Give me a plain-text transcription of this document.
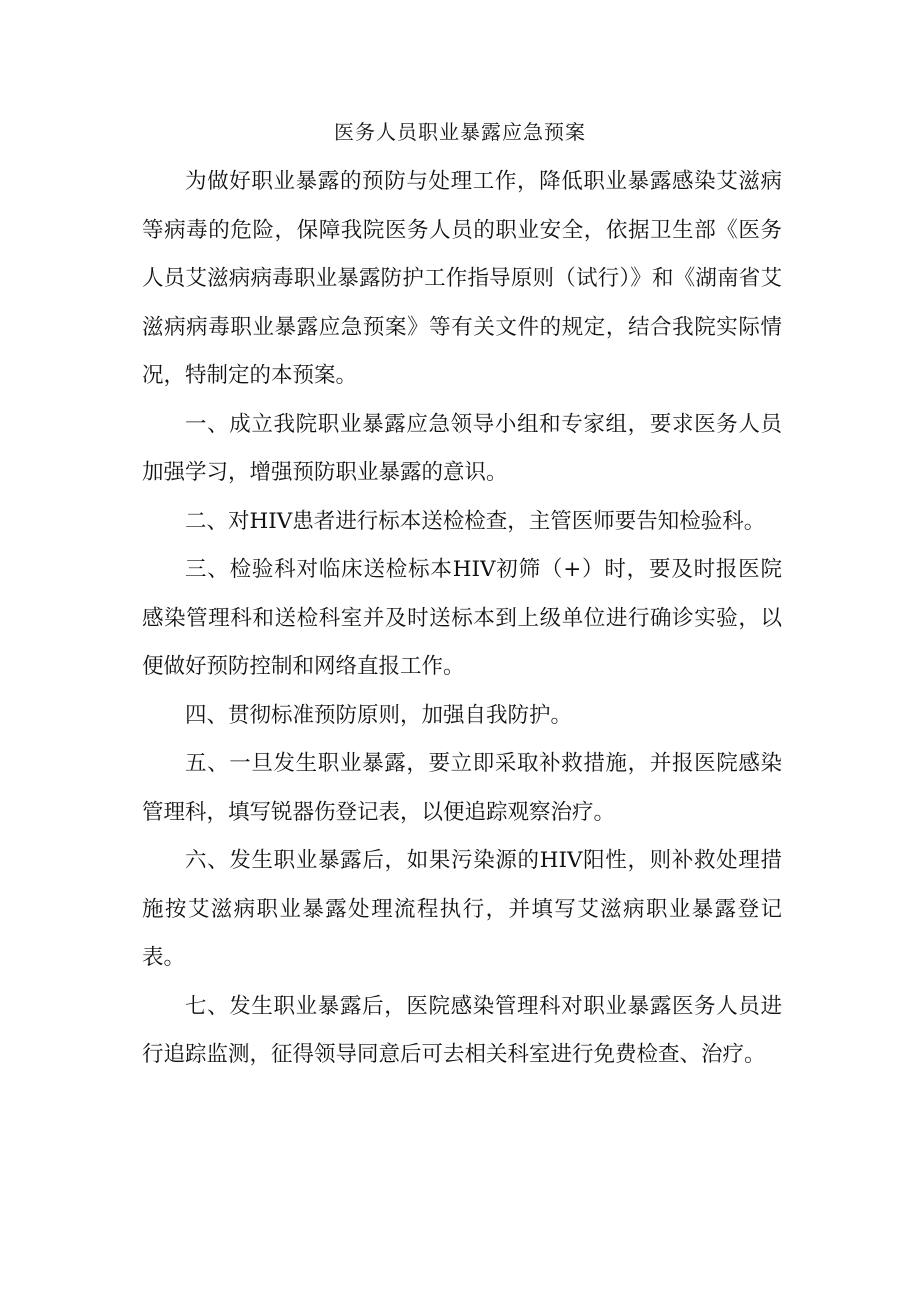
医务人员职业暴露应急预案

为做好职业暴露的预防与处理工作，降低职业暴露感染艾滋病等病毒的危险，保障我院医务人员的职业安全，依据卫生部《医务人员艾滋病病毒职业暴露防护工作指导原则（试行）》和《湖南省艾滋病病毒职业暴露应急预案》等有关文件的规定，结合我院实际情况，特制定的本预案。

一、成立我院职业暴露应急领导小组和专家组，要求医务人员加强学习，增强预防职业暴露的意识。

二、对HIV患者进行标本送检检查，主管医师要告知检验科。

三、检验科对临床送检标本HIV初筛（+）时，要及时报医院感染管理科和送检科室并及时送标本到上级单位进行确诊实验，以便做好预防控制和网络直报工作。

四、贯彻标准预防原则，加强自我防护。

五、一旦发生职业暴露，要立即采取补救措施，并报医院感染管理科，填写锐器伤登记表，以便追踪观察治疗。

六、发生职业暴露后，如果污染源的HIV阳性，则补救处理措施按艾滋病职业暴露处理流程执行，并填写艾滋病职业暴露登记表。

七、发生职业暴露后，医院感染管理科对职业暴露医务人员进行追踪监测，征得领导同意后可去相关科室进行免费检查、治疗。
